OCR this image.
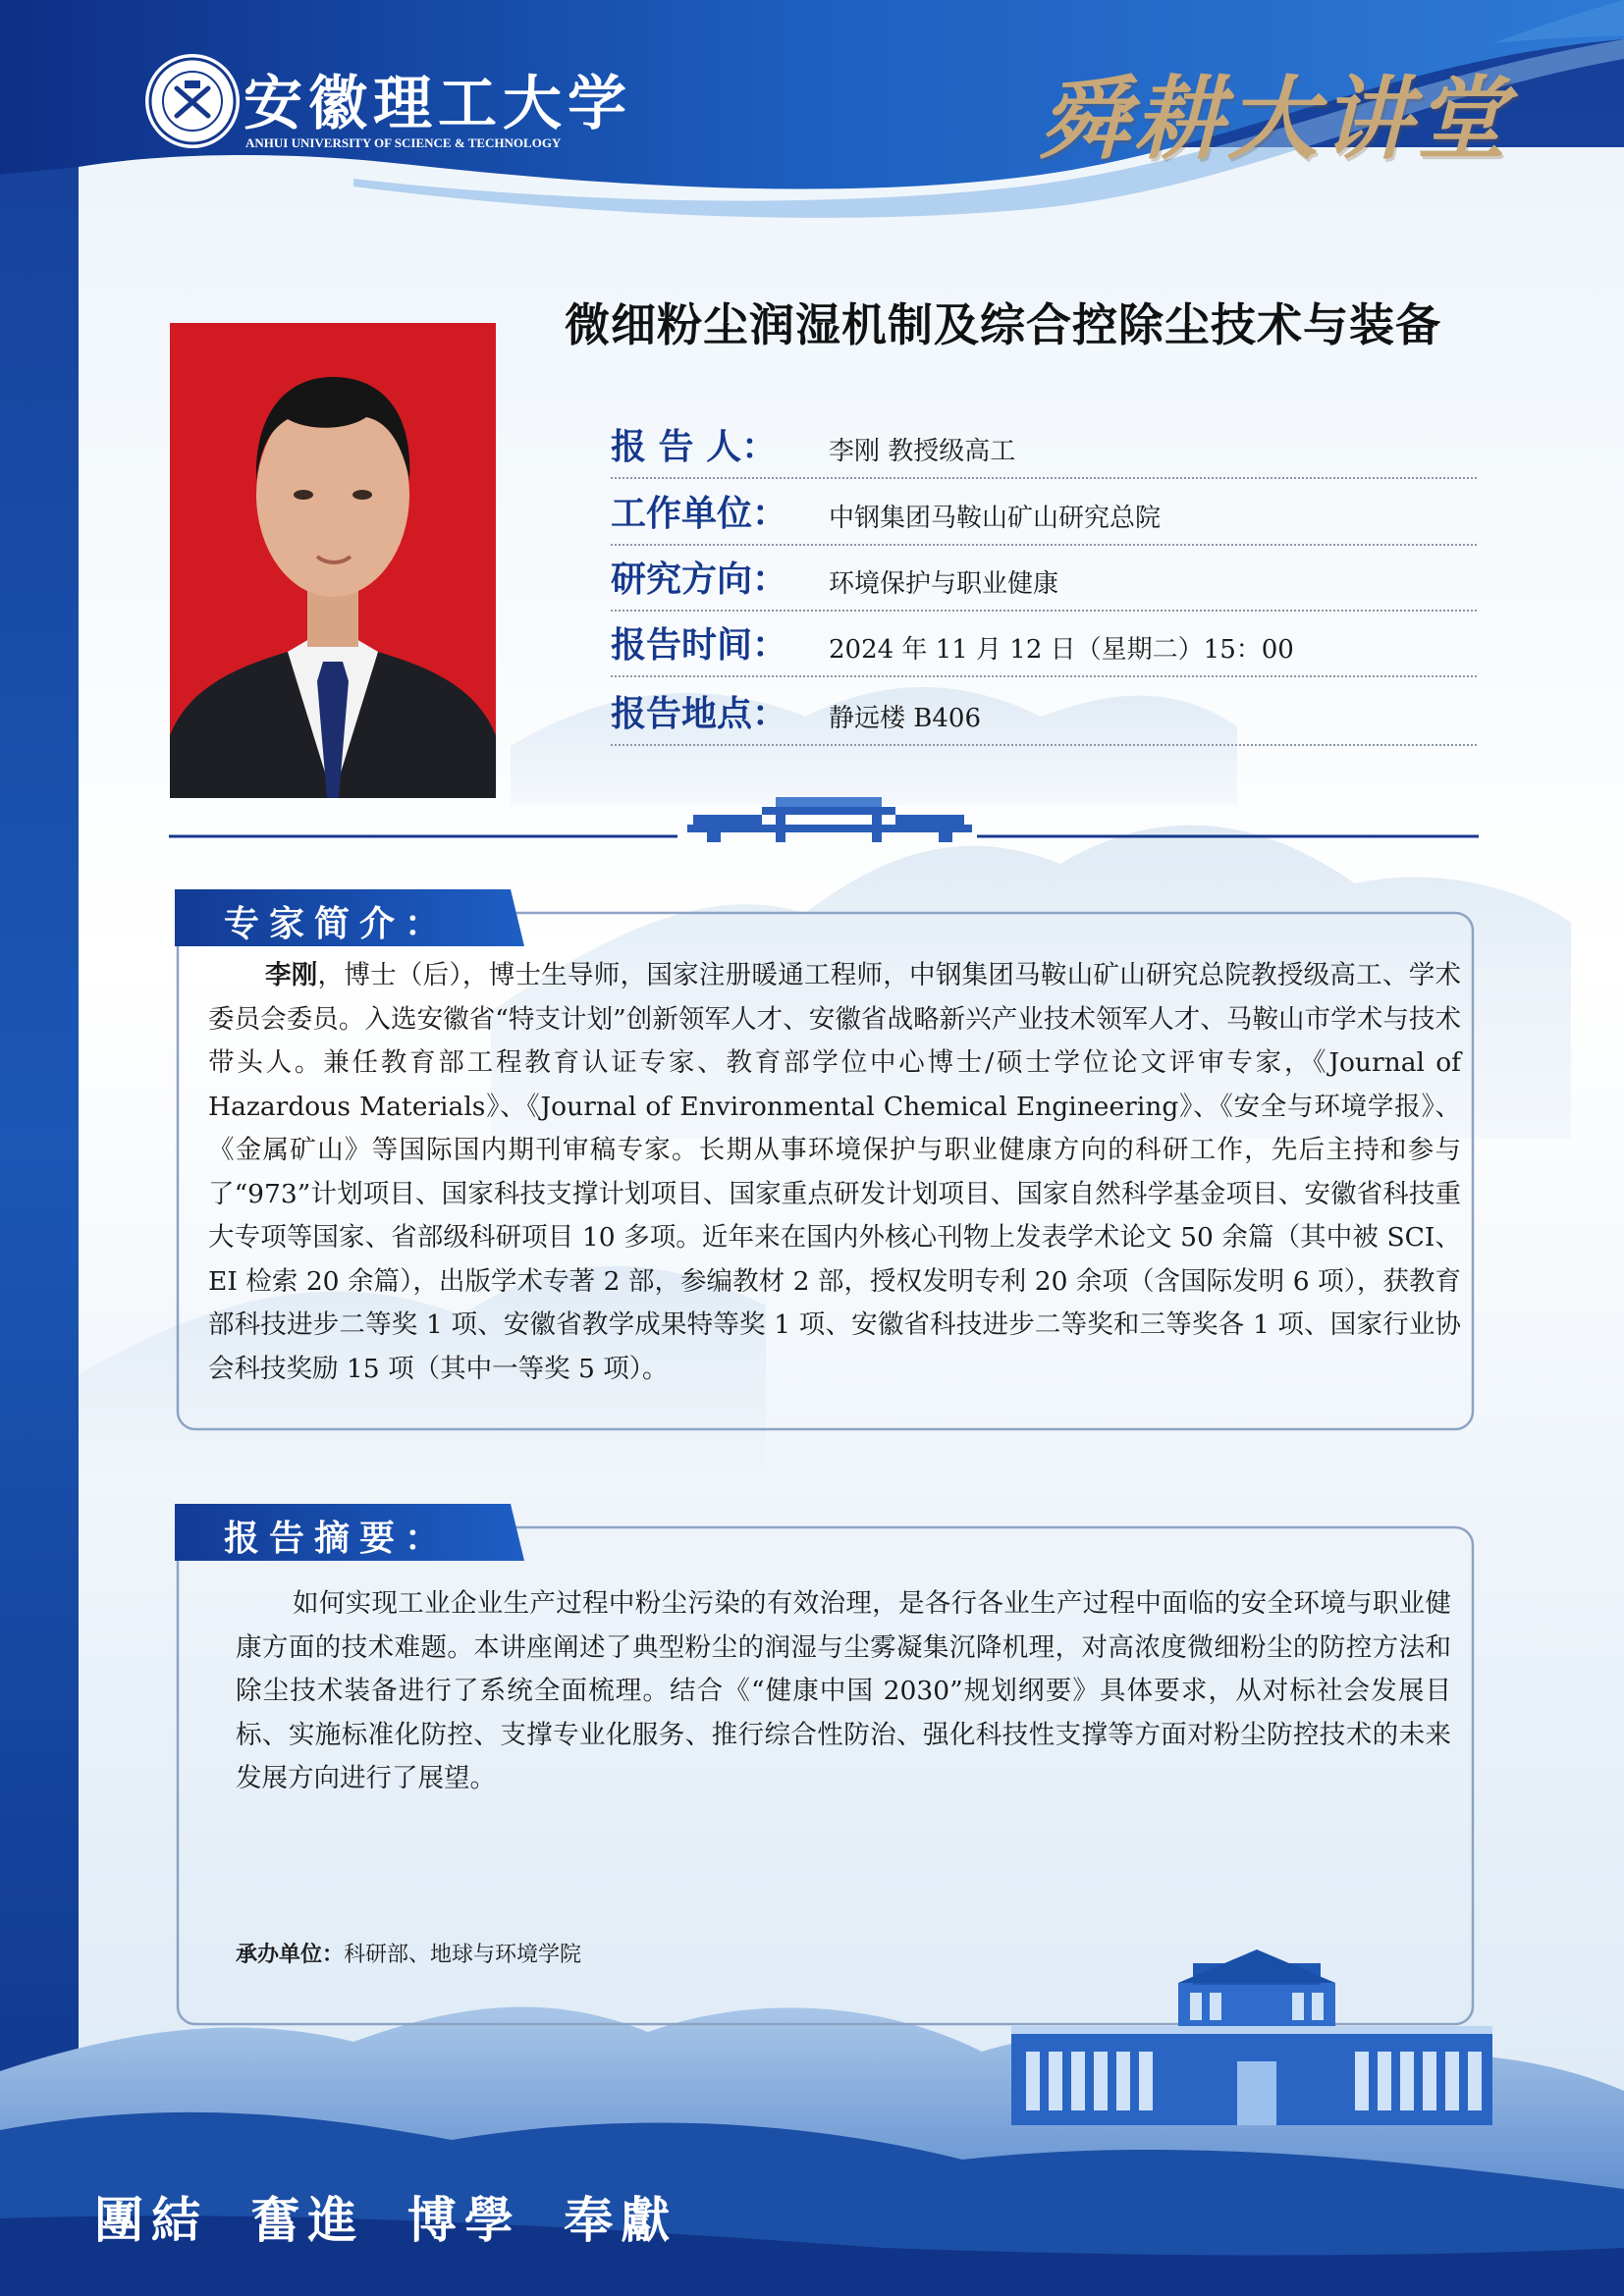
安徽理工大学
ANHUI UNIVERSITY OF SCIENCE & TECHNOLOGY	舜耕大讲堂
微细粉尘润湿机制及综合控除尘技术与装备
报 告 人： 李刚 教授级高工
工作单位： 中钢集团马鞍山矿山研究总院
研究方向： 环境保护与职业健康
报告时间： 2024 年 11 月 12 日（星期二）15：00
报告地点： 静远楼 B406
专家简介：
李刚，博士（后），博士生导师，国家注册暖通工程师，中钢集团马鞍山矿山研究总院教授级高工、学术委员会委员。入选安徽省“特支计划”创新领军人才、安徽省战略新兴产业技术领军人才、马鞍山市学术与技术带头人。兼任教育部工程教育认证专家、教育部学位中心博士/硕士学位论文评审专家，《Journal of Hazardous Materials》、《Journal of Environmental Chemical Engineering》、《安全与环境学报》、《金属矿山》等国际国内期刊审稿专家。长期从事环境保护与职业健康方向的科研工作，先后主持和参与了“973”计划项目、国家科技支撑计划项目、国家重点研发计划项目、国家自然科学基金项目、安徽省科技重大专项等国家、省部级科研项目 10 多项。近年来在国内外核心刊物上发表学术论文 50 余篇（其中被 SCI、EI 检索 20 余篇），出版学术专著 2 部，参编教材 2 部，授权发明专利 20 余项（含国际发明 6 项），获教育部科技进步二等奖 1 项、安徽省教学成果特等奖 1 项、安徽省科技进步二等奖和三等奖各 1 项、国家行业协会科技奖励 15 项（其中一等奖 5 项）。
报告摘要：
如何实现工业企业生产过程中粉尘污染的有效治理，是各行各业生产过程中面临的安全环境与职业健康方面的技术难题。本讲座阐述了典型粉尘的润湿与尘雾凝集沉降机理，对高浓度微细粉尘的防控方法和除尘技术装备进行了系统全面梳理。结合《“健康中国 2030”规划纲要》具体要求，从对标社会发展目标、实施标准化防控、支撑专业化服务、推行综合性防治、强化科技性支撑等方面对粉尘防控技术的未来发展方向进行了展望。
承办单位：科研部、地球与环境学院
團結 奮進 博學 奉獻
